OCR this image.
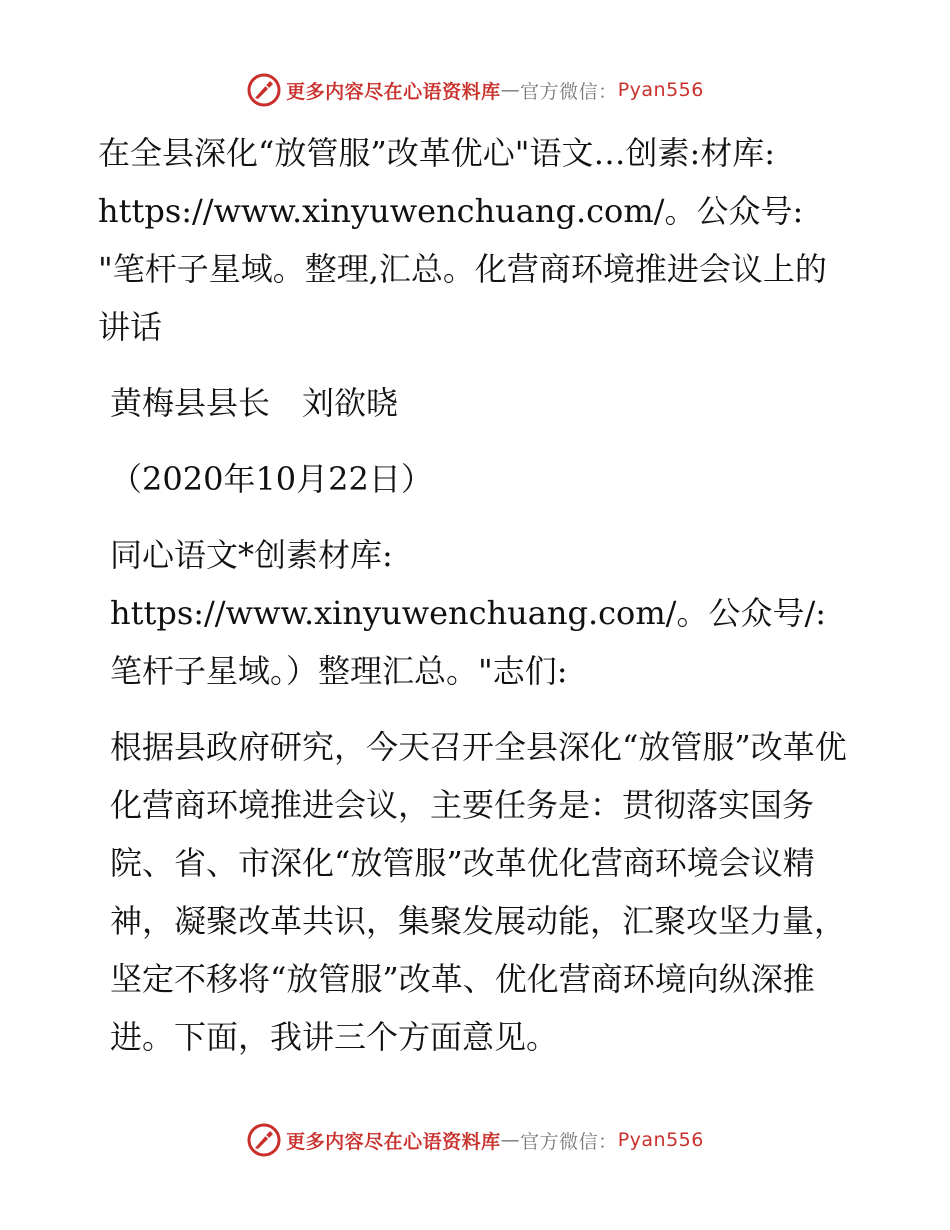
更多内容尽在心语资料库 — 官方微信： Pyan556

在全县深化“放管服”改革优心"语文…创素:材库: https://www.xinyuwenchuang.com/。公众号: "笔杆子星域。整理,汇总。化营商环境推进会议上的讲话

黄梅县县长　刘欲晓

（2020年10月22日）

同心语文*创素材库: https://www.xinyuwenchuang.com/。公众号/: 笔杆子星域。）整理汇总。"志们:

根据县政府研究，今天召开全县深化“放管服”改革优化营商环境推进会议，主要任务是：贯彻落实国务院、省、市深化“放管服”改革优化营商环境会议精神，凝聚改革共识，集聚发展动能，汇聚攻坚力量，坚定不移将“放管服”改革、优化营商环境向纵深推进。下面，我讲三个方面意见。

更多内容尽在心语资料库 — 官方微信： Pyan556
